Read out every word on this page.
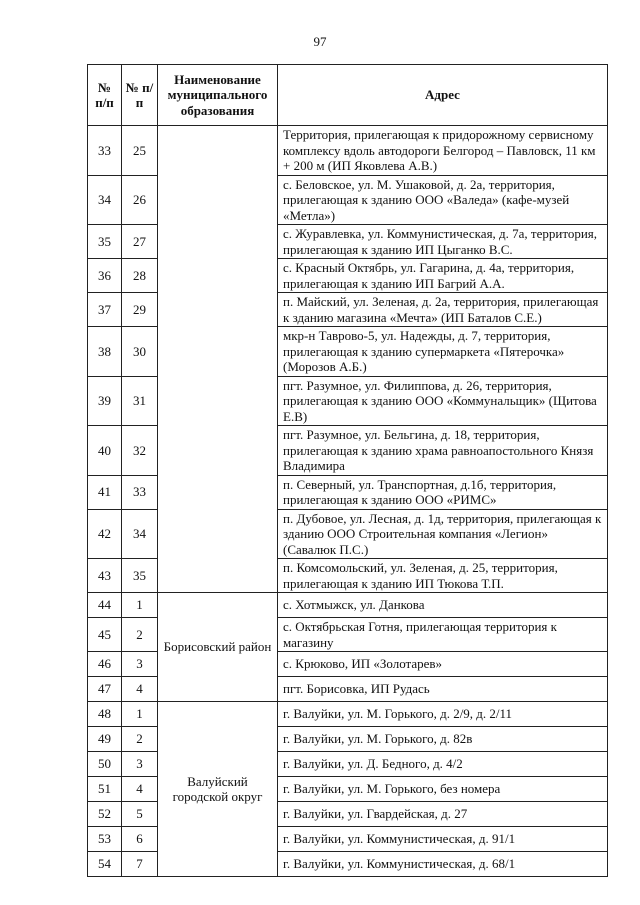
97
№ п/п	№ п/п	Наименование муниципального образования	Адрес
33	25		Территория, прилегающая к придорожному сервисному комплексу вдоль автодороги Белгород – Павловск, 11 км + 200 м (ИП Яковлева А.В.)
34	26		с. Беловское, ул. М. Ушаковой, д. 2а, территория, прилегающая к зданию ООО «Валеда» (кафе-музей «Метла»)
35	27		с. Журавлевка, ул. Коммунистическая, д. 7а, территория, прилегающая к зданию ИП Цыганко В.С.
36	28		с. Красный Октябрь, ул. Гагарина, д. 4а, территория, прилегающая к зданию ИП Багрий А.А.
37	29		п. Майский, ул. Зеленая, д. 2а, территория, прилегающая к зданию магазина «Мечта» (ИП Баталов С.Е.)
38	30		мкр-н Таврово-5, ул. Надежды, д. 7, территория, прилегающая к зданию супермаркета «Пятерочка» (Морозов А.Б.)
39	31		пгт. Разумное, ул. Филиппова, д. 26, территория, прилегающая к зданию ООО «Коммунальщик» (Щитова Е.В)
40	32		пгт. Разумное, ул. Бельгина, д. 18, территория, прилегающая к зданию храма равноапостольного Князя Владимира
41	33		п. Северный, ул. Транспортная, д.1б, территория, прилегающая к зданию ООО «РИМС»
42	34		п. Дубовое, ул. Лесная, д. 1д, территория, прилегающая к зданию ООО Строительная компания «Легион» (Савалюк П.С.)
43	35		п. Комсомольский, ул. Зеленая, д. 25, территория, прилегающая к зданию ИП Тюкова Т.П.
44	1	Борисовский район	с. Хотмыжск, ул. Данкова
45	2		с. Октябрьская Готня, прилегающая территория к магазину
46	3		с. Крюково, ИП «Золотарев»
47	4		пгт. Борисовка, ИП Рудась
48	1	Валуйский городской округ	г. Валуйки, ул. М. Горького, д. 2/9, д. 2/11
49	2		г. Валуйки, ул. М. Горького, д. 82в
50	3		г. Валуйки, ул. Д. Бедного, д. 4/2
51	4		г. Валуйки, ул. М. Горького, без номера
52	5		г. Валуйки, ул. Гвардейская, д. 27
53	6		г. Валуйки, ул. Коммунистическая, д. 91/1
54	7		г. Валуйки, ул. Коммунистическая, д. 68/1
